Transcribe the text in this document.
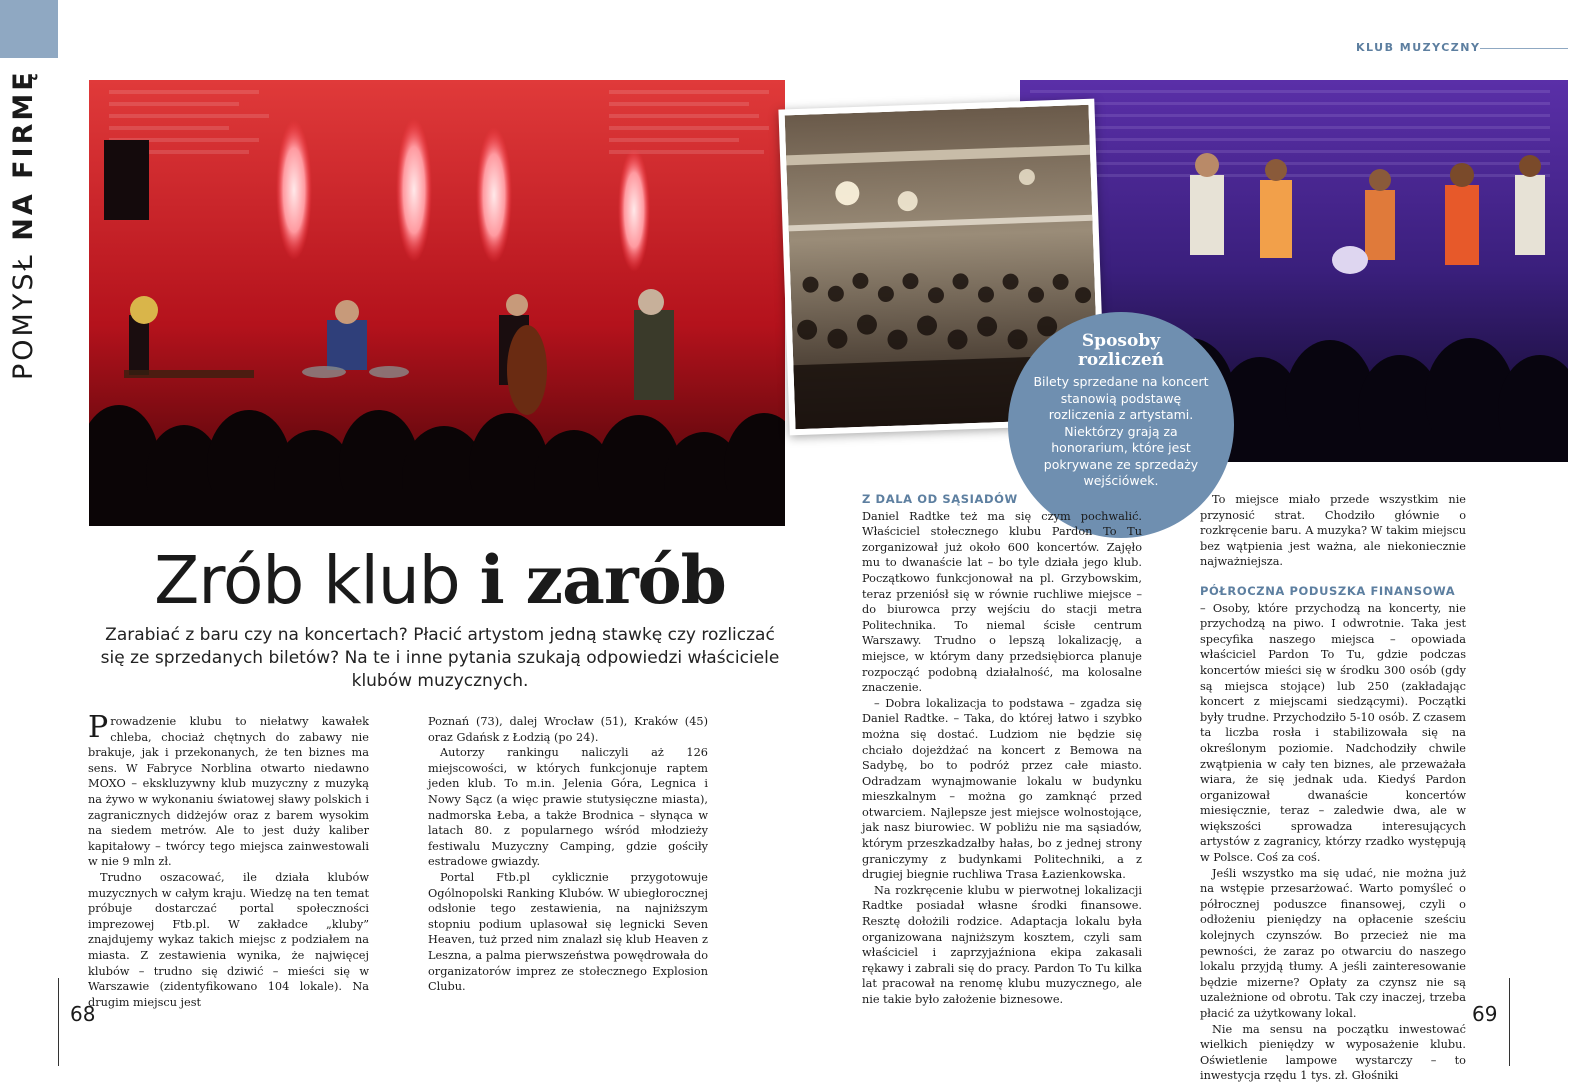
POMYSŁ NA FIRMĘ
KLUB MUZYCZNY
Sposoby rozliczeń
Bilety sprzedane na koncert stanowią podstawę rozliczenia z artystami. Niektórzy grają za honorarium, które jest pokrywane ze sprzedaży wejściówek.
Zrób klub i zarób
Zarabiać z baru czy na koncertach? Płacić artystom jedną stawkę czy rozliczać się ze sprzedanych biletów? Na te i inne pytania szukają odpowiedzi właściciele klubów muzycznych.

Prowadzenie klubu to niełatwy kawałek chleba, chociaż chętnych do zabawy nie brakuje, jak i przekonanych, że ten biznes ma sens. W Fabryce Norblina otwarto niedawno MOXO – ekskluzywny klub muzyczny z muzyką na żywo w wykonaniu światowej sławy polskich i zagranicznych didżejów oraz z barem wysokim na siedem metrów. Ale to jest duży kaliber kapitałowy – twórcy tego miejsca zainwestowali w nie 9 mln zł.

Trudno oszacować, ile działa klubów muzycznych w całym kraju. Wiedzę na ten temat próbuje dostarczać portal społeczności imprezowej Ftb.pl. W zakładce „kluby” znajdujemy wykaz takich miejsc z podziałem na miasta. Z zestawienia wynika, że najwięcej klubów – trudno się dziwić – mieści się w Warszawie (zidentyfikowano 104 lokale). Na drugim miejscu jest

Poznań (73), dalej Wrocław (51), Kraków (45) oraz Gdańsk z Łodzią (po 24).

Autorzy rankingu naliczyli aż 126 miejscowości, w których funkcjonuje raptem jeden klub. To m.in. Jelenia Góra, Legnica i Nowy Sącz (a więc prawie stutysięczne miasta), nadmorska Łeba, a także Brodnica – słynąca w latach 80. z popularnego wśród młodzieży festiwalu Muzyczny Camping, gdzie gościły estradowe gwiazdy.

Portal Ftb.pl cyklicznie przygotowuje Ogólnopolski Ranking Klubów. W ubiegłorocznej odsłonie tego zestawienia, na najniższym stopniu podium uplasował się legnicki Seven Heaven, tuż przed nim znalazł się klub Heaven z Leszna, a palma pierwszeństwa powędrowała do organizatorów imprez ze stołecznego Explosion Clubu.

Z DALA OD SĄSIADÓW

Daniel Radtke też ma się czym pochwalić. Właściciel stołecznego klubu Pardon To Tu zorganizował już około 600 koncertów. Zajęło mu to dwanaście lat – bo tyle działa jego klub. Początkowo funkcjonował na pl. Grzybowskim, teraz przeniósł się w równie ruchliwe miejsce – do biurowca przy wejściu do stacji metra Politechnika. To niemal ścisłe centrum Warszawy. Trudno o lepszą lokalizację, a miejsce, w którym dany przedsiębiorca planuje rozpocząć podobną działalność, ma kolosalne znaczenie.

– Dobra lokalizacja to podstawa – zgadza się Daniel Radtke. – Taka, do której łatwo i szybko można się dostać. Ludziom nie będzie się chciało dojeżdżać na koncert z Bemowa na Sadybę, bo to podróż przez całe miasto. Odradzam wynajmowanie lokalu w budynku mieszkalnym – można go zamknąć przed otwarciem. Najlepsze jest miejsce wolnostojące, jak nasz biurowiec. W pobliżu nie ma sąsiadów, którym przeszkadzałby hałas, bo z jednej strony graniczymy z budynkami Politechniki, a z drugiej biegnie ruchliwa Trasa Łazienkowska.

Na rozkręcenie klubu w pierwotnej lokalizacji Radtke posiadał własne środki finansowe. Resztę dołożili rodzice. Adaptacja lokalu była organizowana najniższym kosztem, czyli sam właściciel i zaprzyjaźniona ekipa zakasali rękawy i zabrali się do pracy. Pardon To Tu kilka lat pracował na renomę klubu muzycznego, ale nie takie było założenie biznesowe.

To miejsce miało przede wszystkim nie przynosić strat. Chodziło głównie o rozkręcenie baru. A muzyka? W takim miejscu bez wątpienia jest ważna, ale niekoniecznie najważniejsza.

PÓŁROCZNA PODUSZKA FINANSOWA

– Osoby, które przychodzą na koncerty, nie przychodzą na piwo. I odwrotnie. Taka jest specyfika naszego miejsca – opowiada właściciel Pardon To Tu, gdzie podczas koncertów mieści się w środku 300 osób (gdy są miejsca stojące) lub 250 (zakładając koncert z miejscami siedzącymi). Początki były trudne. Przychodziło 5-10 osób. Z czasem ta liczba rosła i stabilizowała się na określonym poziomie. Nadchodziły chwile zwątpienia w cały ten biznes, ale przeważała wiara, że się jednak uda. Kiedyś Pardon organizował dwanaście koncertów miesięcznie, teraz – zaledwie dwa, ale w większości sprowadza interesujących artystów z zagranicy, którzy rzadko występują w Polsce. Coś za coś.

Jeśli wszystko ma się udać, nie można już na wstępie przesarżować. Warto pomyśleć o półrocznej poduszce finansowej, czyli o odłożeniu pieniędzy na opłacenie sześciu kolejnych czynszów. Bo przecież nie ma pewności, że zaraz po otwarciu do naszego lokalu przyjdą tłumy. A jeśli zainteresowanie będzie mizerne? Opłaty za czynsz nie są uzależnione od obrotu. Tak czy inaczej, trzeba płacić za użytkowany lokal.

Nie ma sensu na początku inwestować wielkich pieniędzy w wyposażenie klubu. Oświetlenie lampowe wystarczy – to inwestycja rzędu 1 tys. zł. Głośniki

68	69
